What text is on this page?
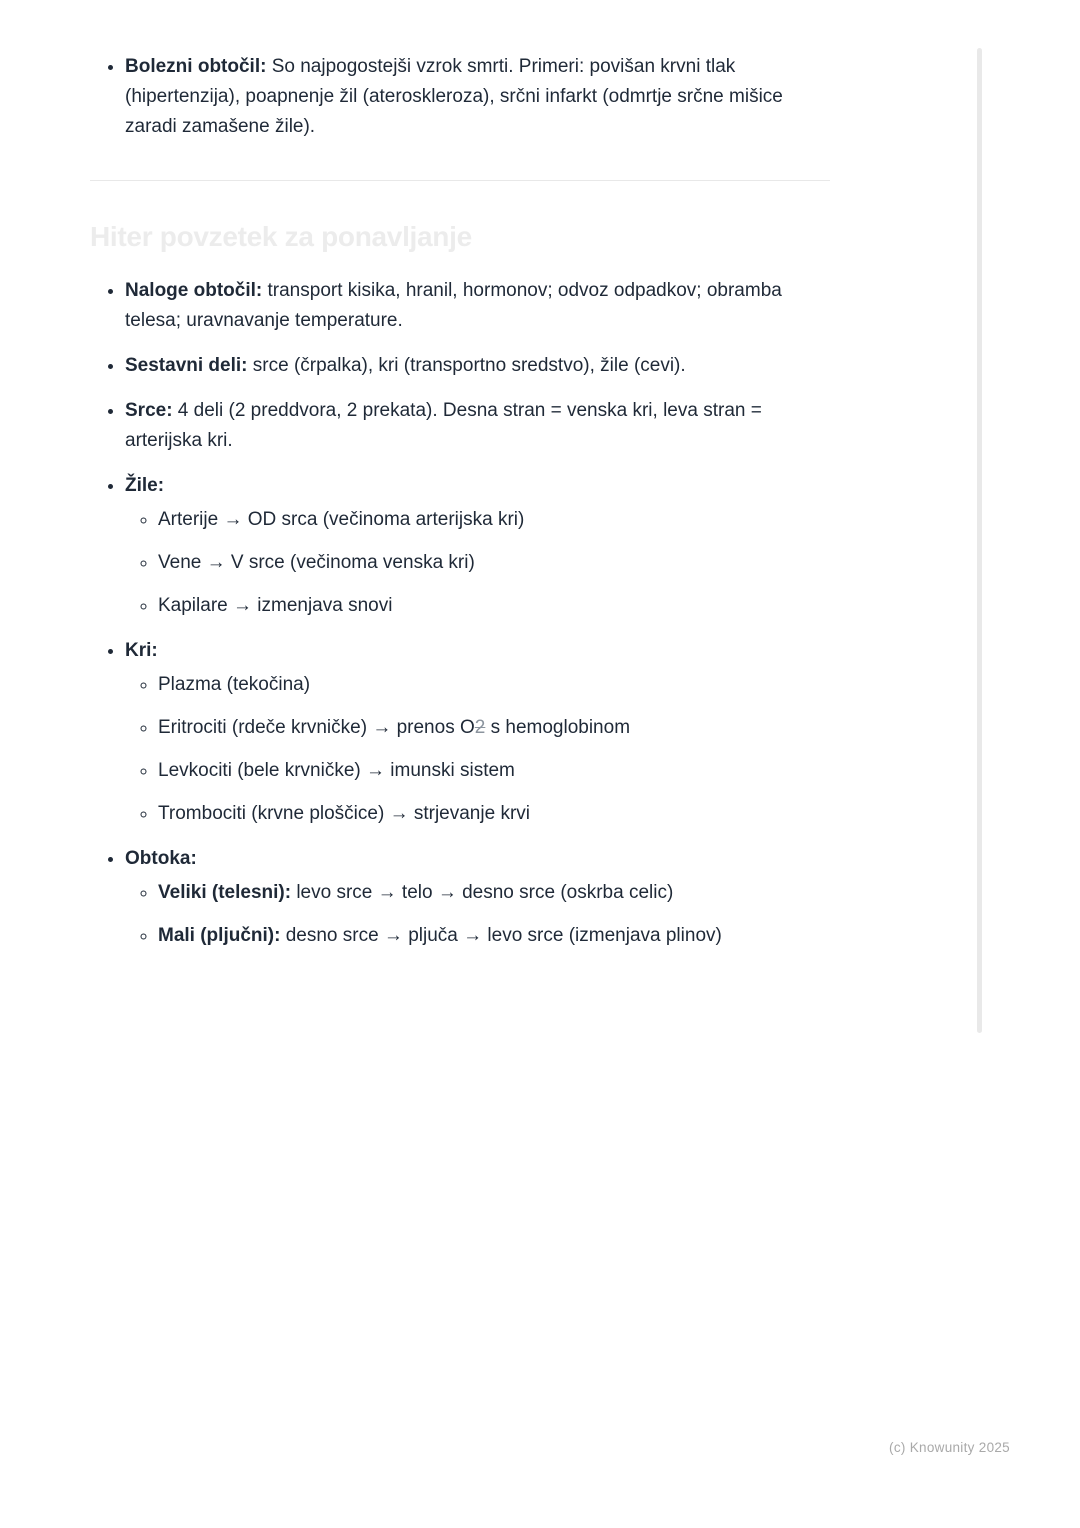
• Bolezni obtočil: So najpogostejši vzrok smrti. Primeri: povišan krvni tlak (hipertenzija), poapnenje žil (ateroskleroza), srčni infarkt (odmrtje srčne mišice zaradi zamašene žile).
Hiter povzetek za ponavljanje
• Naloge obtočil: transport kisika, hranil, hormonov; odvoz odpadkov; obramba telesa; uravnavanje temperature.
• Sestavni deli: srce (črpalka), kri (transportno sredstvo), žile (cevi).
• Srce: 4 deli (2 preddvora, 2 prekata). Desna stran = venska kri, leva stran = arterijska kri.
• Žile:
◦ Arterije → OD srca (večinoma arterijska kri)
◦ Vene → V srce (večinoma venska kri)
◦ Kapilare → izmenjava snovi
• Kri:
◦ Plazma (tekočina)
◦ Eritrociti (rdeče krvničke) → prenos O2 s hemoglobinom
◦ Levkociti (bele krvničke) → imunski sistem
◦ Trombociti (krvne ploščice) → strjevanje krvi
• Obtoka:
◦ Veliki (telesni): levo srce → telo → desno srce (oskrba celic)
◦ Mali (pljučni): desno srce → pljuča → levo srce (izmenjava plinov)
(c) Knowunity 2025
